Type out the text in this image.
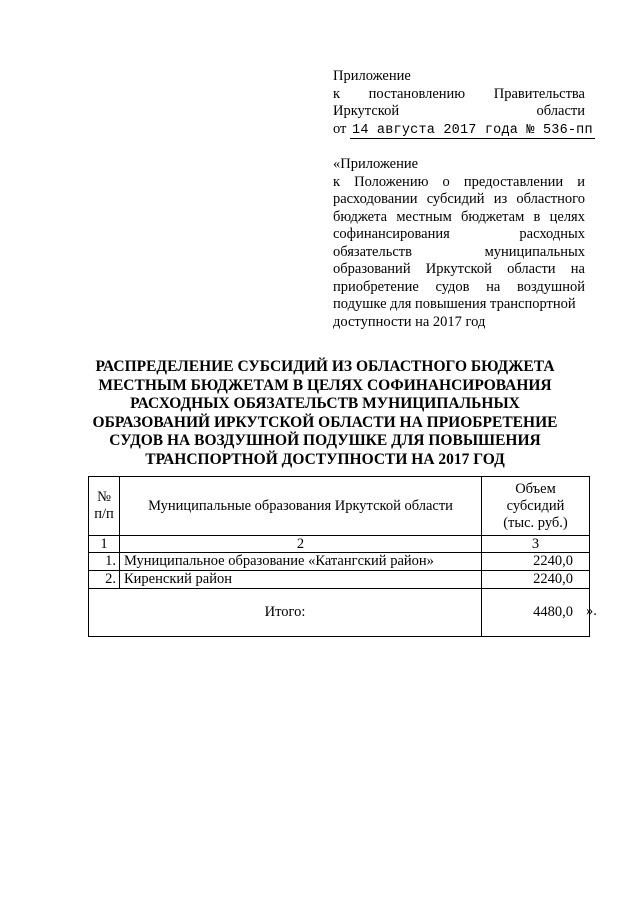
Приложение
к постановлению Правительства
Иркутской	области
от 14 августа 2017 года № 536-пп
«Приложение
к Положению о предоставлении и
расходовании субсидий из областного
бюджета местным бюджетам в целях
софинансирования	расходных
обязательств	муниципальных
образований Иркутской области на
приобретение судов на воздушной
подушке для повышения транспортной
доступности на 2017 год
РАСПРЕДЕЛЕНИЕ СУБСИДИЙ ИЗ ОБЛАСТНОГО БЮДЖЕТА
МЕСТНЫМ БЮДЖЕТАМ В ЦЕЛЯХ СОФИНАНСИРОВАНИЯ
РАСХОДНЫХ ОБЯЗАТЕЛЬСТВ МУНИЦИПАЛЬНЫХ
ОБРАЗОВАНИЙ ИРКУТСКОЙ ОБЛАСТИ НА ПРИОБРЕТЕНИЕ
СУДОВ НА ВОЗДУШНОЙ ПОДУШКЕ ДЛЯ ПОВЫШЕНИЯ
ТРАНСПОРТНОЙ ДОСТУПНОСТИ НА 2017 ГОД
№
п/п	Муниципальные образования Иркутской области	Объем
субсидий
(тыс. руб.)
1	2	3
1.	Муниципальное образование «Катангский район»	2240,0
2.	Киренский район	2240,0
Итого:		4480,0 ».
